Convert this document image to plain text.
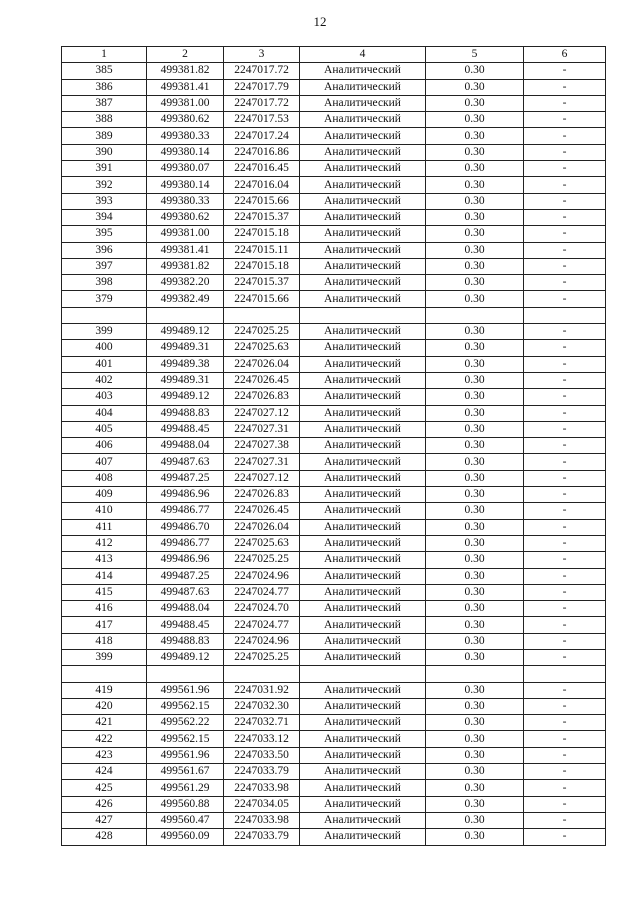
12
1	2	3	4	5	6
385	499381.82	2247017.72	Аналитический	0.30	-
386	499381.41	2247017.79	Аналитический	0.30	-
387	499381.00	2247017.72	Аналитический	0.30	-
388	499380.62	2247017.53	Аналитический	0.30	-
389	499380.33	2247017.24	Аналитический	0.30	-
390	499380.14	2247016.86	Аналитический	0.30	-
391	499380.07	2247016.45	Аналитический	0.30	-
392	499380.14	2247016.04	Аналитический	0.30	-
393	499380.33	2247015.66	Аналитический	0.30	-
394	499380.62	2247015.37	Аналитический	0.30	-
395	499381.00	2247015.18	Аналитический	0.30	-
396	499381.41	2247015.11	Аналитический	0.30	-
397	499381.82	2247015.18	Аналитический	0.30	-
398	499382.20	2247015.37	Аналитический	0.30	-
379	499382.49	2247015.66	Аналитический	0.30	-

399	499489.12	2247025.25	Аналитический	0.30	-
400	499489.31	2247025.63	Аналитический	0.30	-
401	499489.38	2247026.04	Аналитический	0.30	-
402	499489.31	2247026.45	Аналитический	0.30	-
403	499489.12	2247026.83	Аналитический	0.30	-
404	499488.83	2247027.12	Аналитический	0.30	-
405	499488.45	2247027.31	Аналитический	0.30	-
406	499488.04	2247027.38	Аналитический	0.30	-
407	499487.63	2247027.31	Аналитический	0.30	-
408	499487.25	2247027.12	Аналитический	0.30	-
409	499486.96	2247026.83	Аналитический	0.30	-
410	499486.77	2247026.45	Аналитический	0.30	-
411	499486.70	2247026.04	Аналитический	0.30	-
412	499486.77	2247025.63	Аналитический	0.30	-
413	499486.96	2247025.25	Аналитический	0.30	-
414	499487.25	2247024.96	Аналитический	0.30	-
415	499487.63	2247024.77	Аналитический	0.30	-
416	499488.04	2247024.70	Аналитический	0.30	-
417	499488.45	2247024.77	Аналитический	0.30	-
418	499488.83	2247024.96	Аналитический	0.30	-
399	499489.12	2247025.25	Аналитический	0.30	-

419	499561.96	2247031.92	Аналитический	0.30	-
420	499562.15	2247032.30	Аналитический	0.30	-
421	499562.22	2247032.71	Аналитический	0.30	-
422	499562.15	2247033.12	Аналитический	0.30	-
423	499561.96	2247033.50	Аналитический	0.30	-
424	499561.67	2247033.79	Аналитический	0.30	-
425	499561.29	2247033.98	Аналитический	0.30	-
426	499560.88	2247034.05	Аналитический	0.30	-
427	499560.47	2247033.98	Аналитический	0.30	-
428	499560.09	2247033.79	Аналитический	0.30	-
